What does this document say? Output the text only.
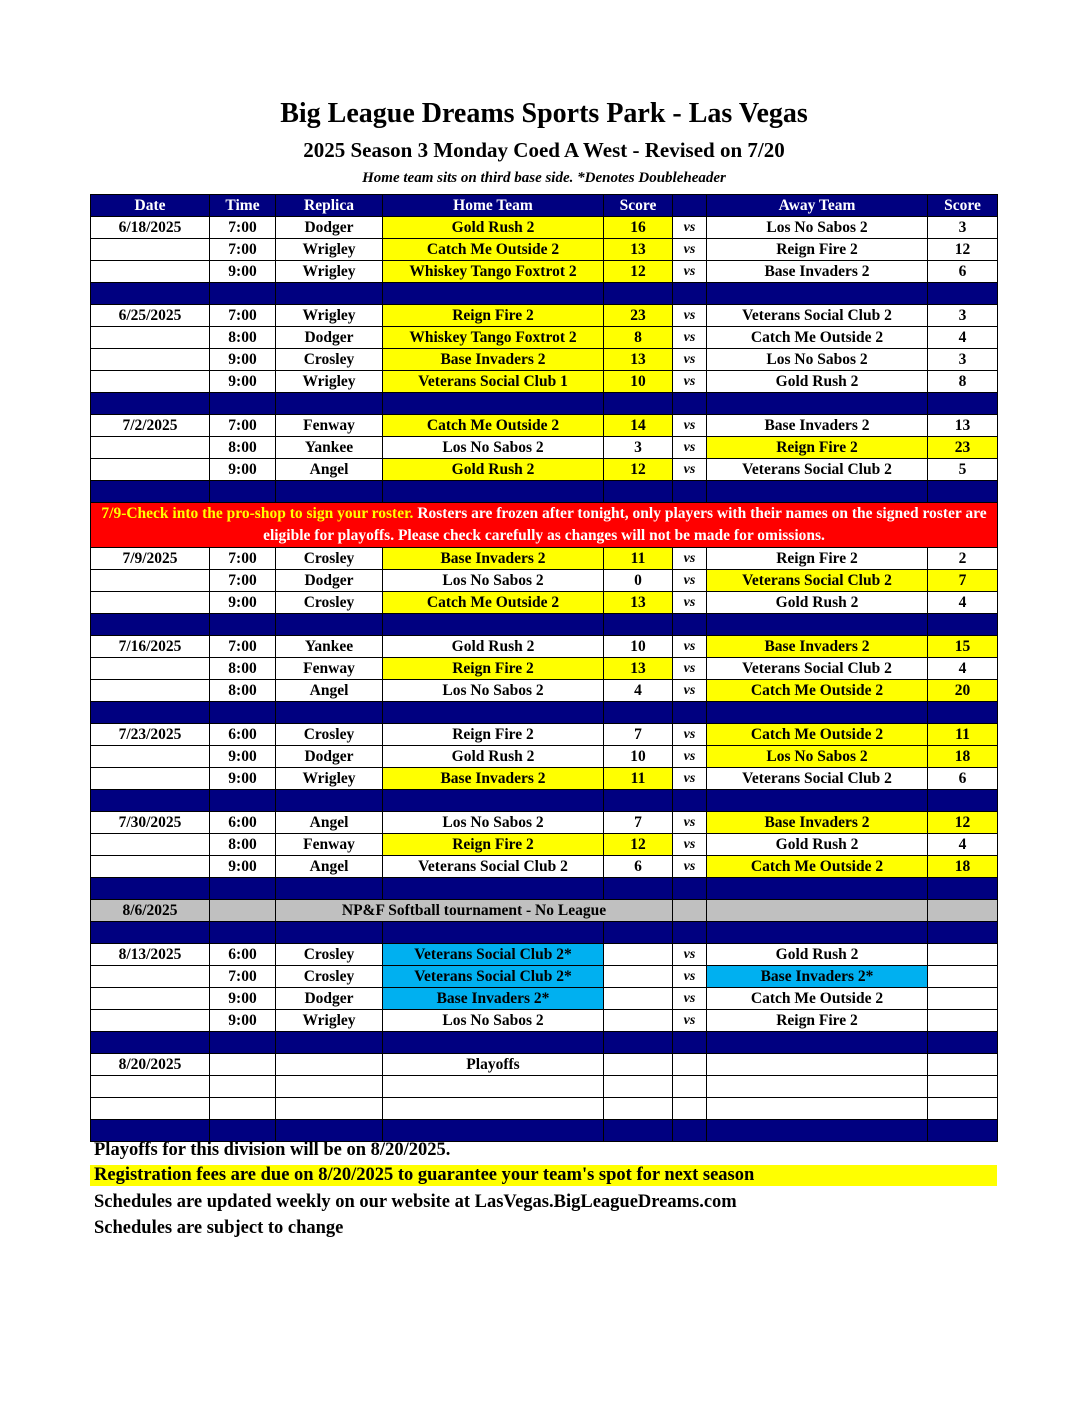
Big League Dreams Sports Park - Las Vegas
2025 Season 3 Monday Coed A West - Revised on 7/20
Home team sits on third base side. *Denotes Doubleheader
Date	Time	Replica	Home Team	Score		Away Team	Score
6/18/2025	7:00	Dodger	Gold Rush 2	16	vs	Los No Sabos 2	3
	7:00	Wrigley	Catch Me Outside 2	13	vs	Reign Fire 2	12
	9:00	Wrigley	Whiskey Tango Foxtrot 2	12	vs	Base Invaders 2	6

6/25/2025	7:00	Wrigley	Reign Fire 2	23	vs	Veterans Social Club 2	3
	8:00	Dodger	Whiskey Tango Foxtrot 2	8	vs	Catch Me Outside 2	4
	9:00	Crosley	Base Invaders 2	13	vs	Los No Sabos 2	3
	9:00	Wrigley	Veterans Social Club 1	10	vs	Gold Rush 2	8

7/2/2025	7:00	Fenway	Catch Me Outside 2	14	vs	Base Invaders 2	13
	8:00	Yankee	Los No Sabos 2	3	vs	Reign Fire 2	23
	9:00	Angel	Gold Rush 2	12	vs	Veterans Social Club 2	5

7/9-Check into the pro-shop to sign your roster. Rosters are frozen after tonight, only players with their names on the signed roster are eligible for playoffs. Please check carefully as changes will not be made for omissions.							
7/9/2025	7:00	Crosley	Base Invaders 2	11	vs	Reign Fire 2	2
	7:00	Dodger	Los No Sabos 2	0	vs	Veterans Social Club 2	7
	9:00	Crosley	Catch Me Outside 2	13	vs	Gold Rush 2	4

7/16/2025	7:00	Yankee	Gold Rush 2	10	vs	Base Invaders 2	15
	8:00	Fenway	Reign Fire 2	13	vs	Veterans Social Club 2	4
	8:00	Angel	Los No Sabos 2	4	vs	Catch Me Outside 2	20

7/23/2025	6:00	Crosley	Reign Fire 2	7	vs	Catch Me Outside 2	11
	9:00	Dodger	Gold Rush 2	10	vs	Los No Sabos 2	18
	9:00	Wrigley	Base Invaders 2	11	vs	Veterans Social Club 2	6

7/30/2025	6:00	Angel	Los No Sabos 2	7	vs	Base Invaders 2	12
	8:00	Fenway	Reign Fire 2	12	vs	Gold Rush 2	4
	9:00	Angel	Veterans Social Club 2	6	vs	Catch Me Outside 2	18

8/6/2025		NP&F Softball tournament - No League					

8/13/2025	6:00	Crosley	Veterans Social Club 2*		vs	Gold Rush 2	
	7:00	Crosley	Veterans Social Club 2*		vs	Base Invaders 2*	
	9:00	Dodger	Base Invaders 2*		vs	Catch Me Outside 2	
	9:00	Wrigley	Los No Sabos 2		vs	Reign Fire 2	

8/20/2025			Playoffs				

Playoffs for this division will be on 8/20/2025.
Registration fees are due on 8/20/2025 to guarantee your team's spot for next season
Schedules are updated weekly on our website at LasVegas.BigLeagueDreams.com
Schedules are subject to change
